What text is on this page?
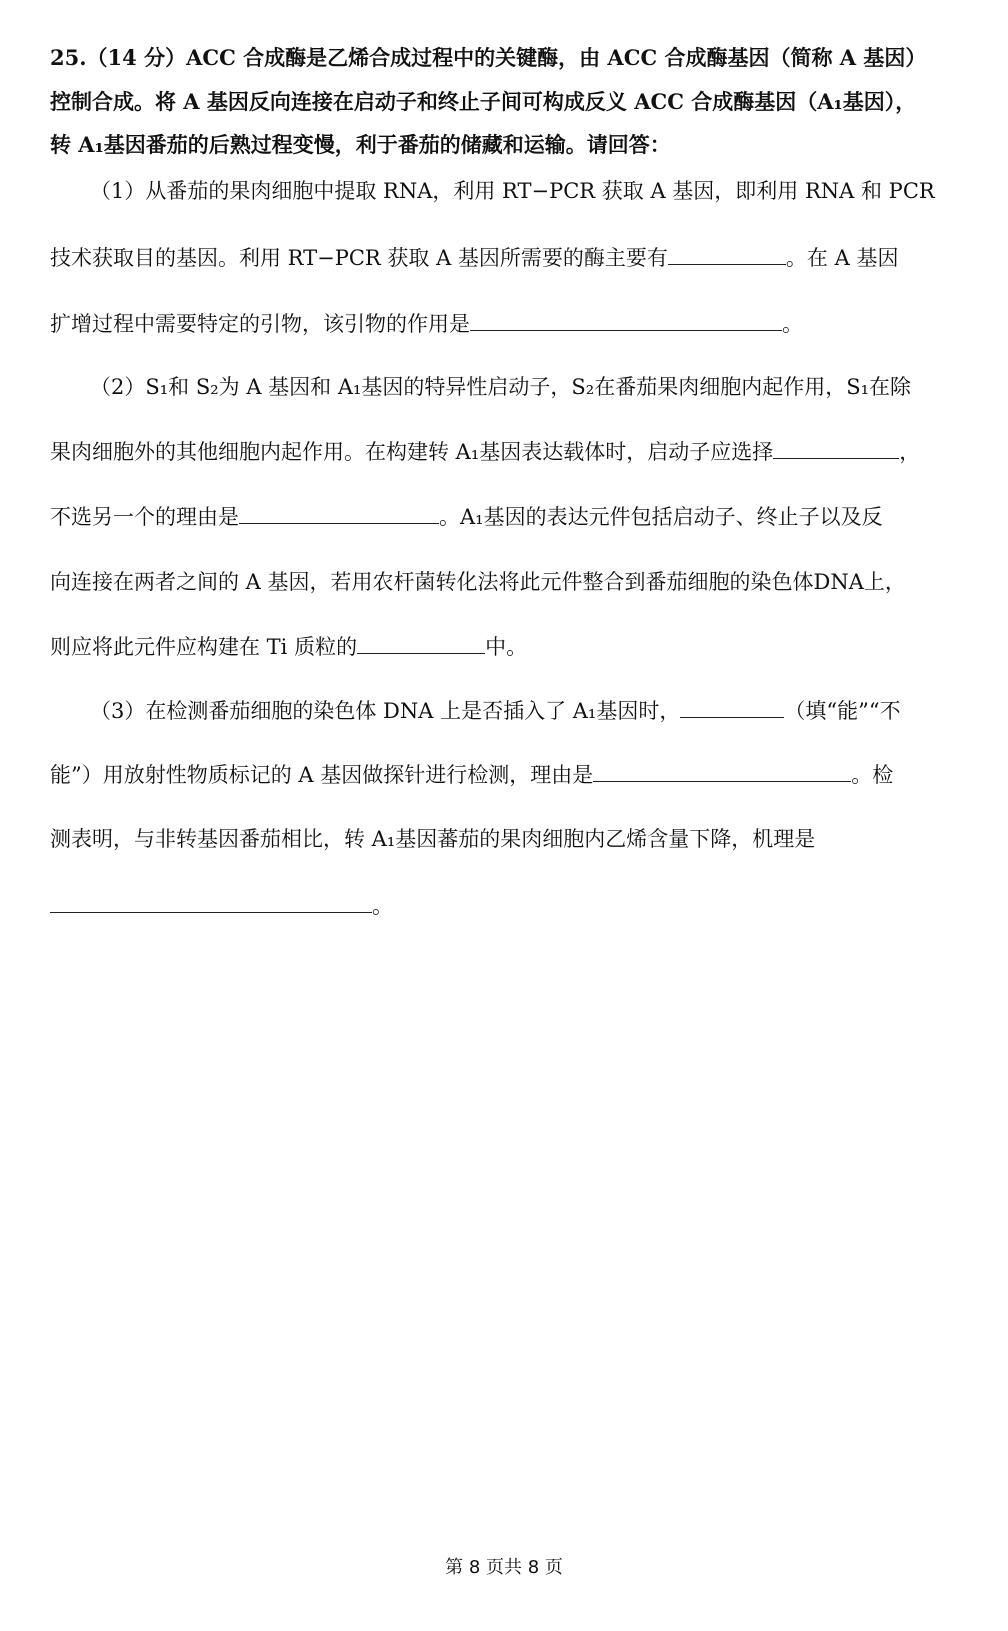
25.（14 分）ACC 合成酶是乙烯合成过程中的关键酶，由 ACC 合成酶基因（简称 A 基因）
控制合成。将 A 基因反向连接在启动子和终止子间可构成反义 ACC 合成酶基因（A₁基因），
转 A₁基因番茄的后熟过程变慢，利于番茄的储藏和运输。请回答：
（1）从番茄的果肉细胞中提取 RNA，利用 RT−PCR 获取 A 基因，即利用 RNA 和 PCR
技术获取目的基因。利用 RT−PCR 获取 A 基因所需要的酶主要有	。在 A 基因
扩增过程中需要特定的引物，该引物的作用是	。
（2）S₁和 S₂为 A 基因和 A₁基因的特异性启动子，S₂在番茄果肉细胞内起作用，S₁在除
果肉细胞外的其他细胞内起作用。在构建转 A₁基因表达载体时，启动子应选择	，
不选另一个的理由是	。A₁基因的表达元件包括启动子、终止子以及反
向连接在两者之间的 A 基因，若用农杆菌转化法将此元件整合到番茄细胞的染色体DNA上，
则应将此元件应构建在 Ti 质粒的	中。
（3）在检测番茄细胞的染色体 DNA 上是否插入了 A₁基因时，	（填“能”“不
能”）用放射性物质标记的 A 基因做探针进行检测，理由是	。检
测表明，与非转基因番茄相比，转 A₁基因蕃茄的果肉细胞内乙烯含量下降，机理是
。
第 8 页共 8 页
